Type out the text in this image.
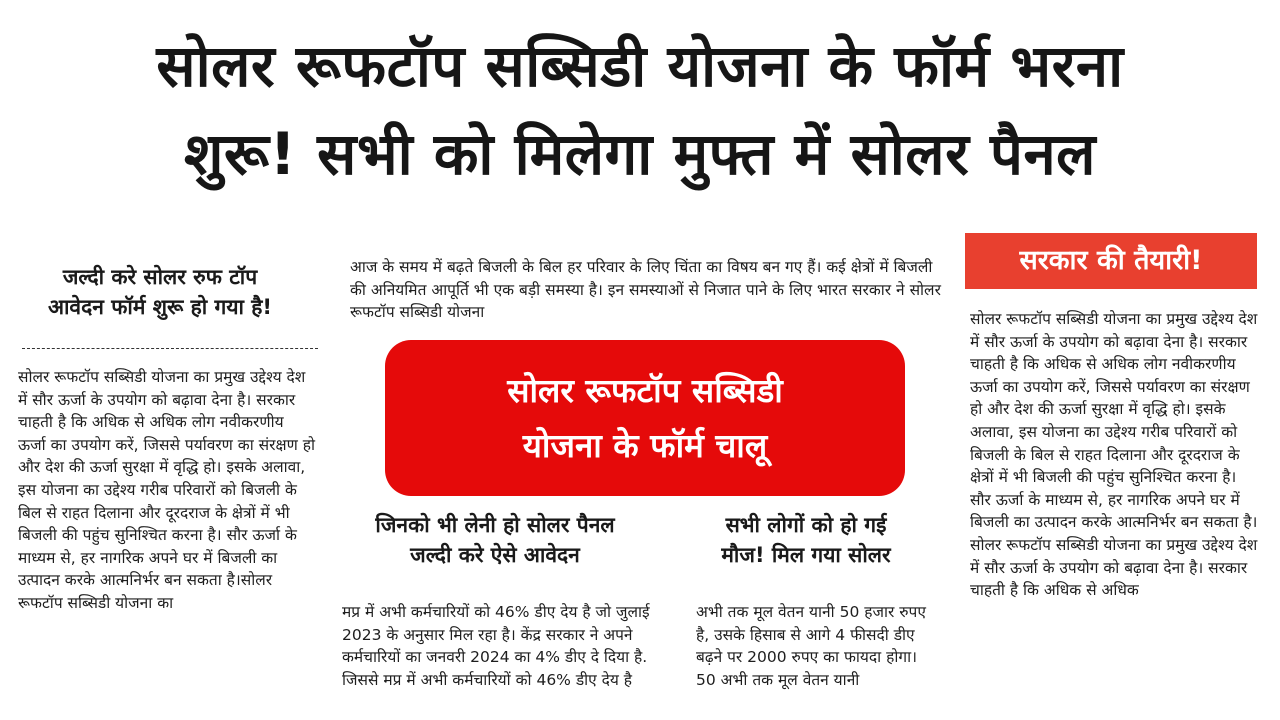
सोलर रूफटॉप सब्सिडी योजना के फॉर्म भरना
शुरू! सभी को मिलेगा मुफ्त में सोलर पैनल
जल्दी करे सोलर रुफ टॉप
आवेदन फॉर्म शुरू हो गया है!

सोलर रूफटॉप सब्सिडी योजना का प्रमुख उद्देश्य देश में सौर ऊर्जा के उपयोग को बढ़ावा देना है। सरकार चाहती है कि अधिक से अधिक लोग नवीकरणीय ऊर्जा का उपयोग करें, जिससे पर्यावरण का संरक्षण हो और देश की ऊर्जा सुरक्षा में वृद्धि हो। इसके अलावा, इस योजना का उद्देश्य गरीब परिवारों को बिजली के बिल से राहत दिलाना और दूरदराज के क्षेत्रों में भी बिजली की पहुंच सुनिश्चित करना है। सौर ऊर्जा के माध्यम से, हर नागरिक अपने घर में बिजली का उत्पादन करके आत्मनिर्भर बन सकता है।सोलर रूफटॉप सब्सिडी योजना का

आज के समय में बढ़ते बिजली के बिल हर परिवार के लिए चिंता का विषय बन गए हैं। कई क्षेत्रों में बिजली की अनियमित आपूर्ति भी एक बड़ी समस्या है। इन समस्याओं से निजात पाने के लिए भारत सरकार ने सोलर रूफटॉप सब्सिडी योजना

जिनको भी लेनी हो सोलर पैनल
जल्दी करे ऐसे आवेदन

मप्र में अभी कर्मचारियों को 46% डीए देय है जो जुलाई 2023 के अनुसार मिल रहा है। केंद्र सरकार ने अपने कर्मचारियों का जनवरी 2024 का 4% डीए दे दिया है. जिससे मप्र में अभी कर्मचारियों को 46% डीए देय है

सभी लोगों को हो गई
मौज! मिल गया सोलर

अभी तक मूल वेतन यानी 50 हजार रुपए है, उसके हिसाब से आगे 4 फीसदी डीए बढ़ने पर 2000 रुपए का फायदा होगा। 50 अभी तक मूल वेतन यानी

सरकार की तैयारी!

सोलर रूफटॉप सब्सिडी योजना का प्रमुख उद्देश्य देश में सौर ऊर्जा के उपयोग को बढ़ावा देना है। सरकार चाहती है कि अधिक से अधिक लोग नवीकरणीय ऊर्जा का उपयोग करें, जिससे पर्यावरण का संरक्षण हो और देश की ऊर्जा सुरक्षा में वृद्धि हो। इसके अलावा, इस योजना का उद्देश्य गरीब परिवारों को बिजली के बिल से राहत दिलाना और दूरदराज के क्षेत्रों में भी बिजली की पहुंच सुनिश्चित करना है। सौर ऊर्जा के माध्यम से, हर नागरिक अपने घर में बिजली का उत्पादन करके आत्मनिर्भर बन सकता है। सोलर रूफटॉप सब्सिडी योजना का प्रमुख उद्देश्य देश में सौर ऊर्जा के उपयोग को बढ़ावा देना है। सरकार चाहती है कि अधिक से अधिक

सोलर रूफटॉप सब्सिडी
योजना के फॉर्म चालू
